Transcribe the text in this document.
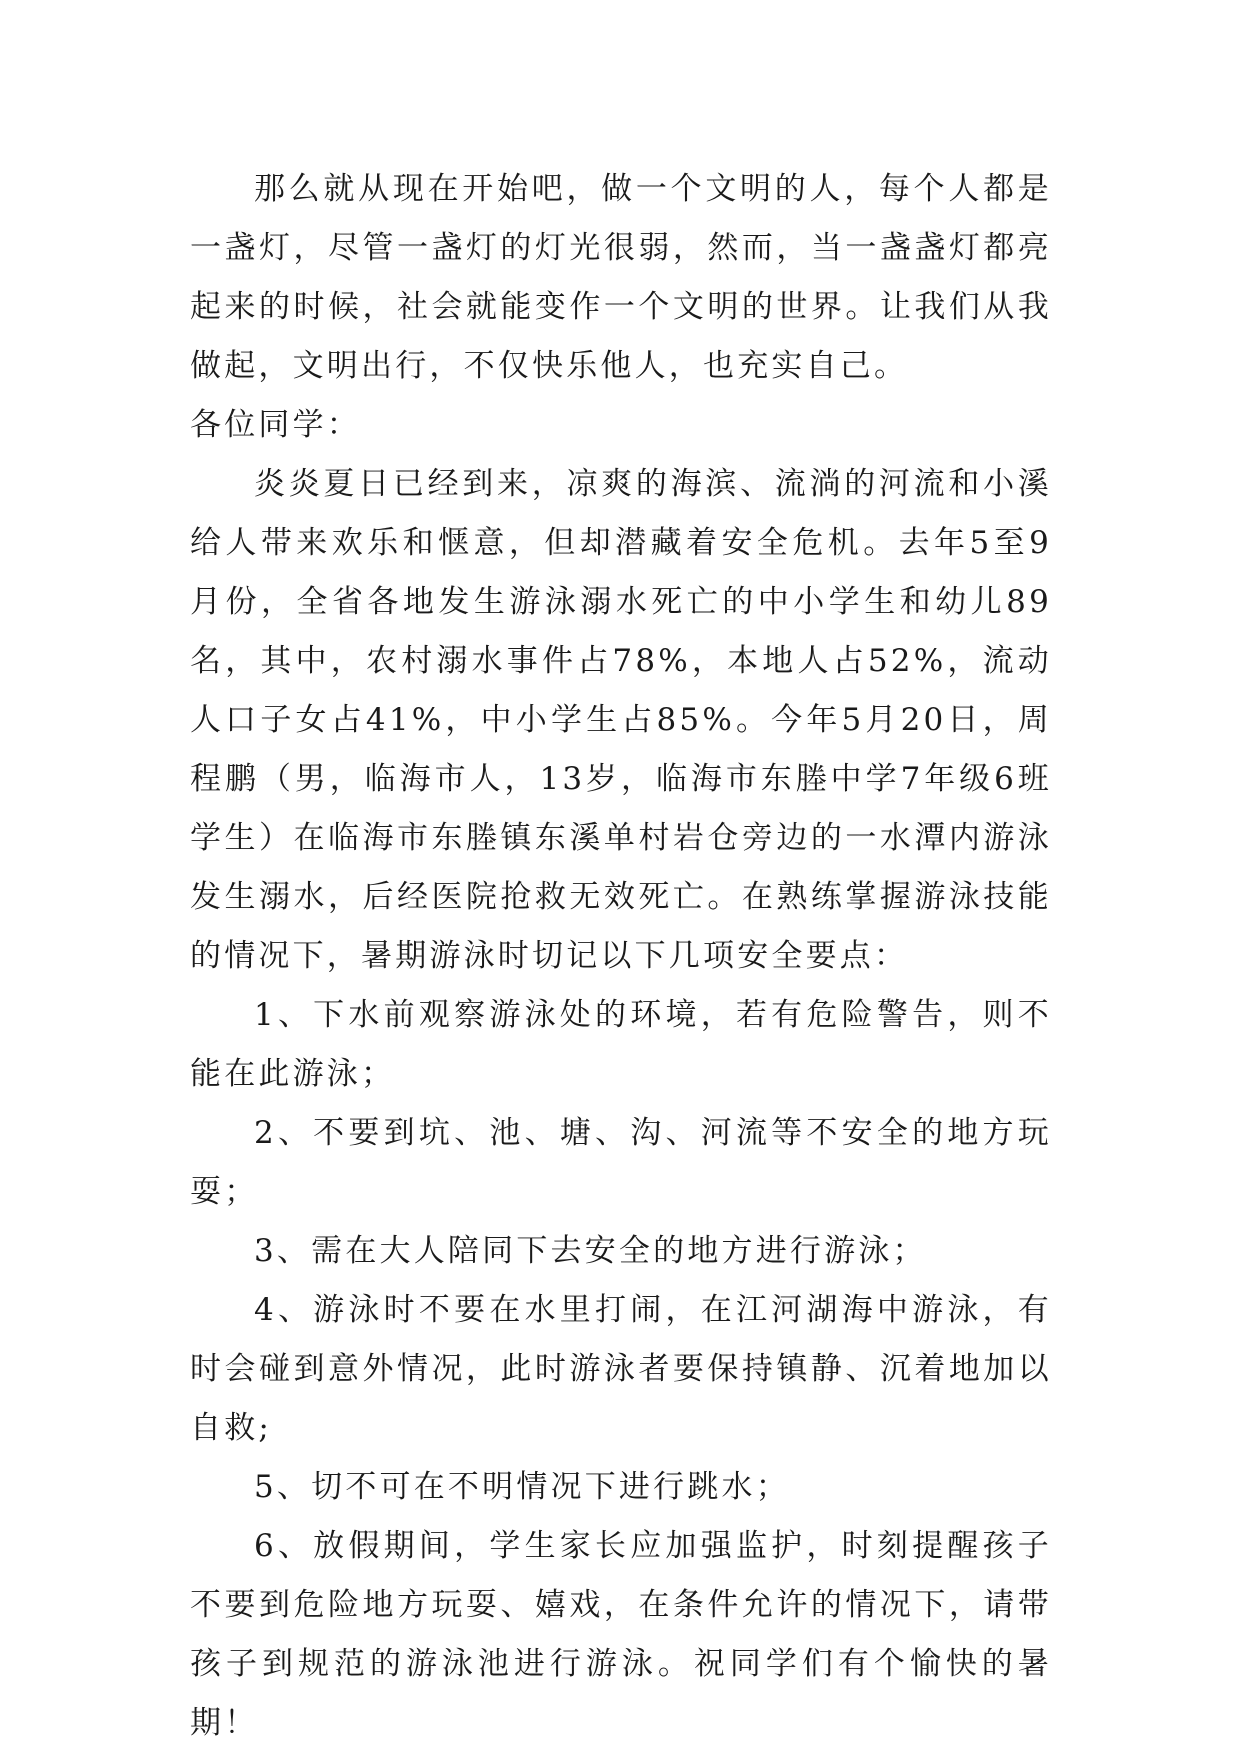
那么就从现在开始吧，做一个文明的人，每个人都是一盏灯，尽管一盏灯的灯光很弱，然而，当一盏盏灯都亮起来的时候，社会就能变作一个文明的世界。让我们从我做起，文明出行，不仅快乐他人，也充实自己。

各位同学：

炎炎夏日已经到来，凉爽的海滨、流淌的河流和小溪给人带来欢乐和惬意，但却潜藏着安全危机。去年5至9月份，全省各地发生游泳溺水死亡的中小学生和幼儿89名，其中，农村溺水事件占78%，本地人占52%，流动人口子女占41%，中小学生占85%。今年5月20日，周程鹏（男，临海市人，13岁，临海市东塍中学7年级6班学生）在临海市东塍镇东溪单村岩仓旁边的一水潭内游泳发生溺水，后经医院抢救无效死亡。在熟练掌握游泳技能的情况下，暑期游泳时切记以下几项安全要点：

1、下水前观察游泳处的环境，若有危险警告，则不能在此游泳；

2、不要到坑、池、塘、沟、河流等不安全的地方玩耍；

3、需在大人陪同下去安全的地方进行游泳；

4、游泳时不要在水里打闹，在江河湖海中游泳，有时会碰到意外情况，此时游泳者要保持镇静、沉着地加以自救;

5、切不可在不明情况下进行跳水；

6、放假期间，学生家长应加强监护，时刻提醒孩子不要到危险地方玩耍、嬉戏，在条件允许的情况下，请带孩子到规范的游泳池进行游泳。祝同学们有个愉快的暑期！
